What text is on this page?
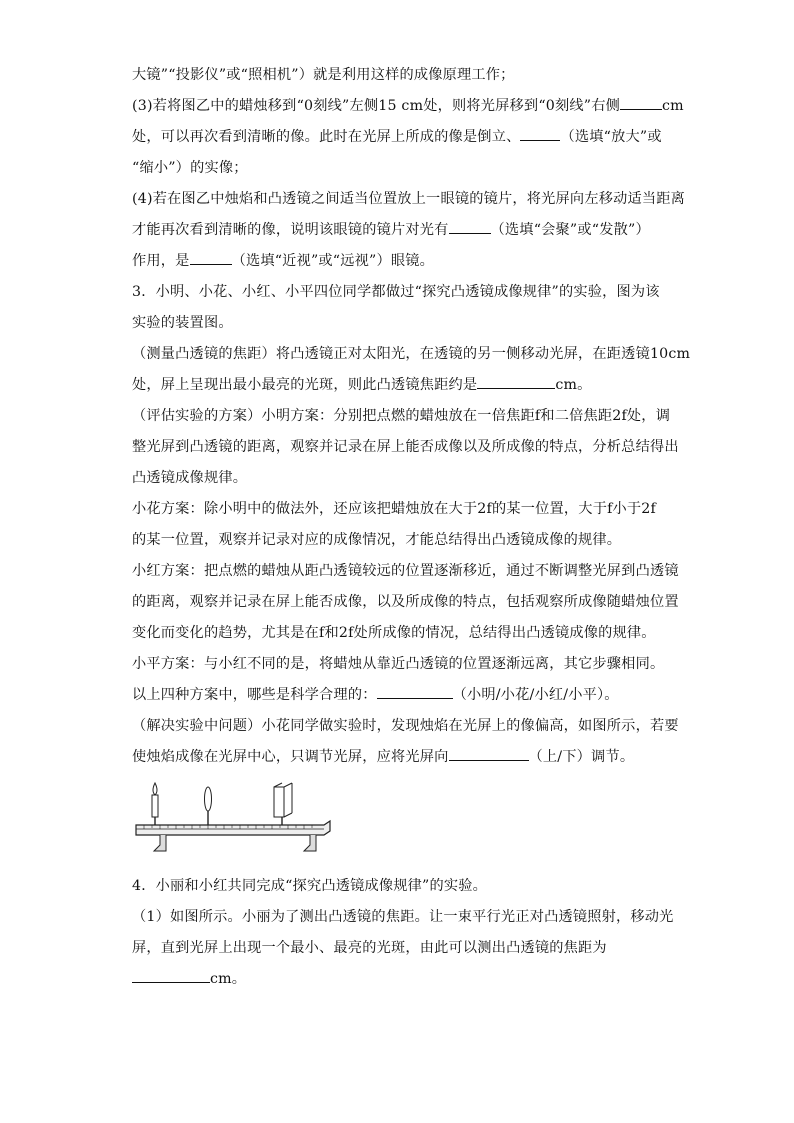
大镜”“投影仪”或“照相机”）就是利用这样的成像原理工作；
(3)若将图乙中的蜡烛移到“0刻线”左侧15 cm处，则将光屏移到“0刻线”右侧	cm
处，可以再次看到清晰的像。此时在光屏上所成的像是倒立、	（选填“放大”或
“缩小”）的实像；
(4)若在图乙中烛焰和凸透镜之间适当位置放上一眼镜的镜片，将光屏向左移动适当距离
才能再次看到清晰的像，说明该眼镜的镜片对光有	（选填“会聚”或“发散”）
作用，是	（选填“近视”或“远视”）眼镜。
3．小明、小花、小红、小平四位同学都做过“探究凸透镜成像规律”的实验，图为该
实验的装置图。
（测量凸透镜的焦距）将凸透镜正对太阳光，在透镜的另一侧移动光屏，在距透镜10cm
处，屏上呈现出最小最亮的光斑，则此凸透镜焦距约是	cm。
（评估实验的方案）小明方案：分别把点燃的蜡烛放在一倍焦距f和二倍焦距2f处，调
整光屏到凸透镜的距离，观察并记录在屏上能否成像以及所成像的特点，分析总结得出
凸透镜成像规律。
小花方案：除小明中的做法外，还应该把蜡烛放在大于2f的某一位置，大于f小于2f
的某一位置，观察并记录对应的成像情况，才能总结得出凸透镜成像的规律。
小红方案：把点燃的蜡烛从距凸透镜较远的位置逐渐移近，通过不断调整光屏到凸透镜
的距离，观察并记录在屏上能否成像，以及所成像的特点，包括观察所成像随蜡烛位置
变化而变化的趋势，尤其是在f和2f处所成像的情况，总结得出凸透镜成像的规律。
小平方案：与小红不同的是，将蜡烛从靠近凸透镜的位置逐渐远离，其它步骤相同。
以上四种方案中，哪些是科学合理的：	（小明/小花/小红/小平）。
（解决实验中问题）小花同学做实验时，发现烛焰在光屏上的像偏高，如图所示，若要
使烛焰成像在光屏中心，只调节光屏，应将光屏向	（上/下）调节。
4．小丽和小红共同完成“探究凸透镜成像规律”的实验。
（1）如图所示。小丽为了测出凸透镜的焦距。让一束平行光正对凸透镜照射，移动光
屏，直到光屏上出现一个最小、最亮的光斑，由此可以测出凸透镜的焦距为
cm。
